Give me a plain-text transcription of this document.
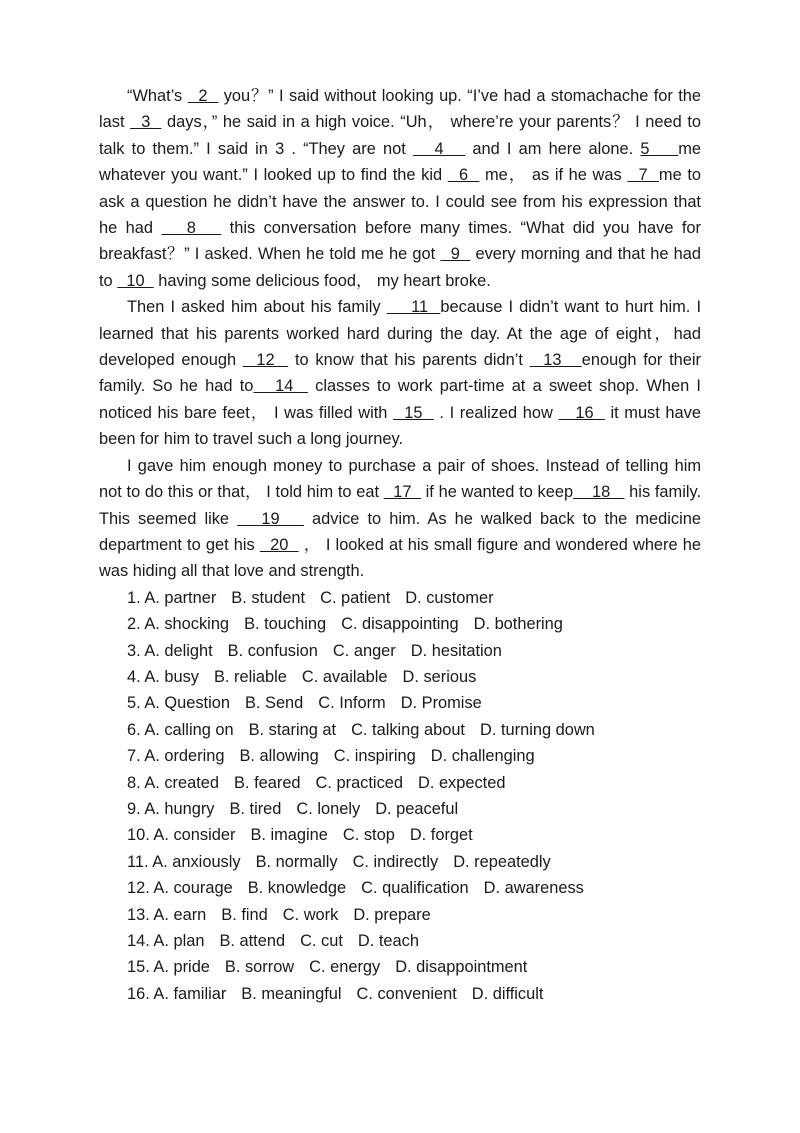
“What’s   2   you？” I said without looking up. “I’ve had a stomachache for the last   3   days，” he said in a high voice. “Uh， where’re your parents？ I need to talk to them.” I said in 3 . “They are not    4    and I am here alone. 5    me whatever you want.” I looked up to find the kid   6   me， as if he was   7  me to ask a question he didn’t have the answer to. I could see from his expression that he had    8    this conversation before many times. “What did you have for breakfast？” I asked. When he told me he got   9   every morning and that he had to   10   having some delicious food， my heart broke.

Then I asked him about his family     11  because I didn’t want to hurt him. I learned that his parents worked hard during the day. At the age of eight，had developed enough   12   to know that his parents didn’t   13   enough for their family. So he had to   14   classes to work part-time at a sweet shop. When I noticed his bare feet， I was filled with   15   . I realized how    16   it must have been for him to travel such a long journey.

I gave him enough money to purchase a pair of shoes. Instead of telling him not to do this or that， I told him to eat   17   if he wanted to keep    18    his family. This seemed like    19    advice to him. As he walked back to the medicine department to get his   20   ， I looked at his small figure and wondered where he was hiding all that love and strength.

1. A. partner B. student C. patient D. customer
2. A. shocking B. touching C. disappointing D. bothering
3. A. delight B. confusion C. anger D. hesitation
4. A. busy B. reliable C. available D. serious
5. A. Question B. Send C. Inform D. Promise
6. A. calling on B. staring at C. talking about D. turning down
7. A. ordering B. allowing C. inspiring D. challenging
8. A. created B. feared C. practiced D. expected
9. A. hungry B. tired C. lonely D. peaceful
10. A. consider B. imagine C. stop D. forget
11. A. anxiously B. normally C. indirectly D. repeatedly
12. A. courage B. knowledge C. qualification D. awareness
13. A. earn B. find C. work D. prepare
14. A. plan B. attend C. cut D. teach
15. A. pride B. sorrow C. energy D. disappointment
16. A. familiar B. meaningful C. convenient D. difficult
